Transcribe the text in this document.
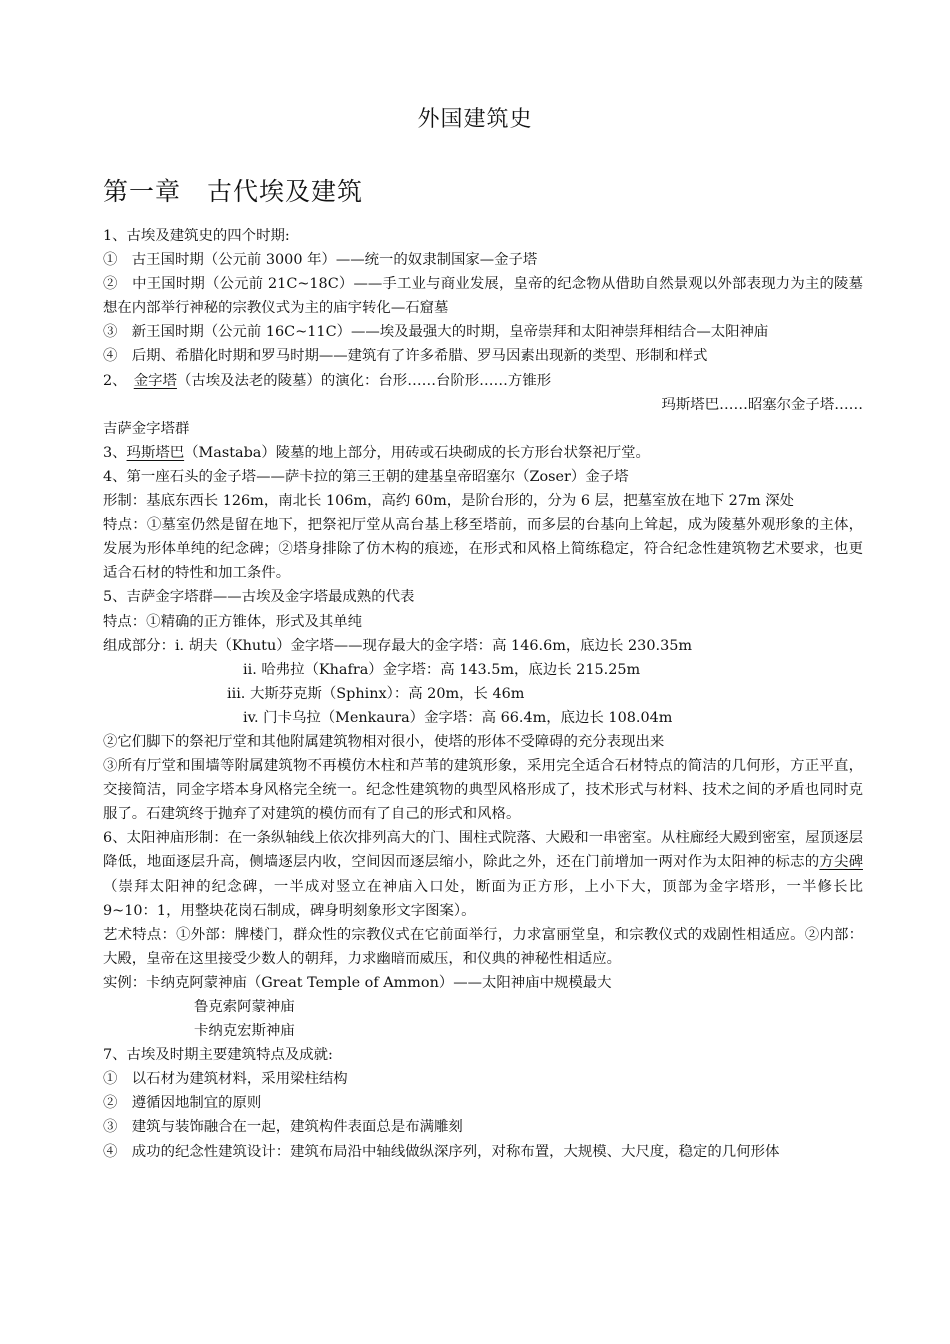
外国建筑史
第一章　古代埃及建筑
1、古埃及建筑史的四个时期:
①　古王国时期（公元前 3000 年）——统一的奴隶制国家—金子塔
②　中王国时期（公元前 21C~18C）——手工业与商业发展，皇帝的纪念物从借助自然景观以外部表现力为主的陵墓想在内部举行神秘的宗教仪式为主的庙宇转化—石窟墓
③　新王国时期（公元前 16C~11C）——埃及最强大的时期，皇帝崇拜和太阳神崇拜相结合—太阳神庙
④　后期、希腊化时期和罗马时期——建筑有了许多希腊、罗马因素出现新的类型、形制和样式
2、　金字塔（古埃及法老的陵墓）的演化：台形……台阶形……方锥形
玛斯塔巴……昭塞尔金子塔……
吉萨金字塔群
3、玛斯塔巴（Mastaba）陵墓的地上部分，用砖或石块砌成的长方形台状祭祀厅堂。
4、第一座石头的金子塔——萨卡拉的第三王朝的建基皇帝昭塞尔（Zoser）金子塔
形制：基底东西长 126m，南北长 106m，高约 60m，是阶台形的，分为 6 层，把墓室放在地下 27m 深处
特点：①墓室仍然是留在地下，把祭祀厅堂从高台基上移至塔前，而多层的台基向上耸起，成为陵墓外观形象的主体，发展为形体单纯的纪念碑；②塔身排除了仿木构的痕迹，在形式和风格上简练稳定，符合纪念性建筑物艺术要求，也更适合石材的特性和加工条件。
5、吉萨金字塔群——古埃及金字塔最成熟的代表
特点：①精确的正方锥体，形式及其单纯
组成部分：i. 胡夫（Khutu）金字塔——现存最大的金字塔：高 146.6m，底边长 230.35m
ii. 哈弗拉（Khafra）金字塔：高 143.5m，底边长 215.25m
iii. 大斯芬克斯（Sphinx）：高 20m，长 46m
iv. 门卡乌拉（Menkaura）金字塔：高 66.4m，底边长 108.04m
②它们脚下的祭祀厅堂和其他附属建筑物相对很小，使塔的形体不受障碍的充分表现出来
③所有厅堂和围墙等附属建筑物不再模仿木柱和芦苇的建筑形象，采用完全适合石材特点的简洁的几何形，方正平直，交接简洁，同金字塔本身风格完全统一。纪念性建筑物的典型风格形成了，技术形式与材料、技术之间的矛盾也同时克服了。石建筑终于抛弃了对建筑的模仿而有了自己的形式和风格。
6、太阳神庙形制：在一条纵轴线上依次排列高大的门、围柱式院落、大殿和一串密室。从柱廊经大殿到密室，屋顶逐层降低，地面逐层升高，侧墙逐层内收，空间因而逐层缩小，除此之外，还在门前增加一两对作为太阳神的标志的方尖碑（崇拜太阳神的纪念碑，一半成对竖立在神庙入口处，断面为正方形，上小下大，顶部为金字塔形，一半修长比 9~10：1，用整块花岗石制成，碑身明刻象形文字图案）。
艺术特点：①外部：牌楼门，群众性的宗教仪式在它前面举行，力求富丽堂皇，和宗教仪式的戏剧性相适应。②内部：大殿，皇帝在这里接受少数人的朝拜，力求幽暗而威压，和仪典的神秘性相适应。
实例：卡纳克阿蒙神庙（Great Temple of Ammon）——太阳神庙中规模最大
鲁克索阿蒙神庙
卡纳克宏斯神庙
7、古埃及时期主要建筑特点及成就:
①　以石材为建筑材料，采用梁柱结构
②　遵循因地制宜的原则
③　建筑与装饰融合在一起，建筑构件表面总是布满雕刻
④　成功的纪念性建筑设计：建筑布局沿中轴线做纵深序列，对称布置，大规模、大尺度，稳定的几何形体
